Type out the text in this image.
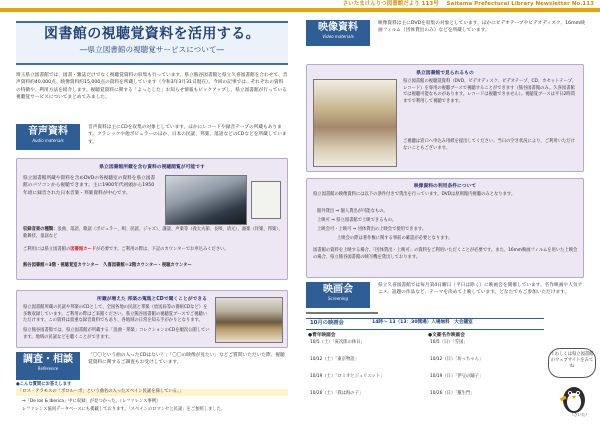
さいたまけんりつ図書館だより 113号 Saitama Prefectural Library Newsletter No.113
図書館の視聴覚資料を活用する。
―県立図書館の視聴覚サービスについて―
埼玉県立図書館では、図書・雑誌だけでなく視聴覚資料の収集も行っています。県立熊谷図書館と県立久喜図書館を合わせて、音声資料約40,000点、映像資料約15,000点の資料を所蔵しています（令和3年3月31日現在）。今回の記事では、それぞれの資料の特徴や、利用方法を紹介します。視聴覚資料に関する「よっとした」お知らせ情報もピックアップし、県立図書館が行っている視聴覚サービスについてまとめてみました。
音声資料
Audio materials
音声資料は主にCDを収集の対象としています。ほかにレコードや録音テープの所蔵もあります。クラシックや他ポピュラーのほか、日本の民謡、邦楽、落語などのCDなどを所蔵しています。
県立図書館所蔵を含む資料の視聴閲覧が可能です
県立図書館所蔵や資料を含めDVDの各視聴室の資料を県立図書館のパソコンから視聴できます。主に1900年代初頭から1950年頃に録音された日本音楽・邦楽資料が中心です。
収録音楽の種類：浪曲、落語、歌謡（ポピュラー、唄、民謡、ジャズ）、講談、声楽等（義太夫節、長唄、清元）、器楽（洋楽、邦楽）、歌舞伎、童謡など
ご利用には県立図書館の図書館カードが必要です。ご利用の際は、下記のカウンターでお申込みください。
熊谷図書館＝3階・視聴覚室カウンター　久喜図書館＝2階カウンター・視聴カウンター
所蔵が増えた 邦楽の蒐集とCDで聞くことができる
県立図書館所蔵の民謡や邦楽のCDとして、全国各地の民謡と邦楽（放送局等の番組CDなど）を多数収録しています。ご利用の際はご来館ください。県立熊谷図書館の視聴覚ブースでご視聴いただけます。この資料は貴重な録音資料でもあり、各地域の日常を知る手がかりとなります。
県立熊谷図書館では、県立図書館が所蔵する「浪曲・邦楽」コレクションのCDを順次公開しています。地域の民謡などを聴くことができます。
調査・相談
Reference
「〇〇という曲の入ったCDはない？」「〇〇の映像が見たい」などご質問いただいた際、視聴覚資料に関するご調査もお受けしています。
●こんな質問にお答えします
「ロス・アラモスの「ボロルーポ」という曲名の入ったスペイン民謡を探している。」
⇒「De los & Iberica」中に収録」が見つかった。（レファレンス事例）
レファレンス協同データベースにも掲載しております。「スペインのロマンセと民謡」をご参照しました。
映像資料
Video materials
映像資料は主にDVDを収集の対象としています。ほかにビデオテープやビデオディスク、16mm映画フィルム（団体貸出のみ）などを所蔵しています。
県立図書館で見られるもの
県立図書館の視聴覚資料（DVD、ビデオディスク、ビデオテープ、CD、カセットテープ、レコード）を専用の視聴ブースで視聴することができます（熊谷図書館のみ。久喜図書館では視聴可能なものがあります。レコードは視聴できません）。視聴覚ブースは平日2時間までで利用して視聴できます。
ご視聴は窓口へ申込み用紙を提出してください。当日の空き状況により、ご利用いただけないこともございます。
映像資料の利用条件について
県立図書館の映像資料には以下の条件付きで貸出を行っています。DVDは原則館内視聴のみとなります。
館外貸出 ⇒ 個人貸出が可能なもの。
上映可 ⇒ 県立図書館で上映できるもの。
上映会可・上映可 ⇒ 団体貸出の上映会で使用できます。
上映会の際は著作権に関する事前の確認が必要となります。
図書館の資料を上映する場合、「団体貸出・上映可」の資料をご利用いただくことが必要です。また、16mm映画フィルムを用いた上映会の場合、県立熊谷図書館の映写機を貸出しております。
映画会
Screening
県立久喜図書館では毎月第4日曜日（平日は除く）に映画会を開催しています。名作映画や人気アニメ、話題の作品など、テーマを決めて上映しています。どなたでもご参加いただけます。
10月の映画会	14時～ 13（13：30開場）入場無料　大会議室
●青年映画会
10/5（土）「寅次郎の休日」
10/12（土）「東京物語」
10/19（土）「ロミオとジュリエット」
10/26（土）「我は海の子」
●文豪名作映画会
10/5（日）「雪国」
10/12（日）「坊っちゃん」
10/19（日）「伊豆の踊子」
10/26（日）「羅生門」
くわしくは県立図書館のウェブサイトをみてね
（さいた）
